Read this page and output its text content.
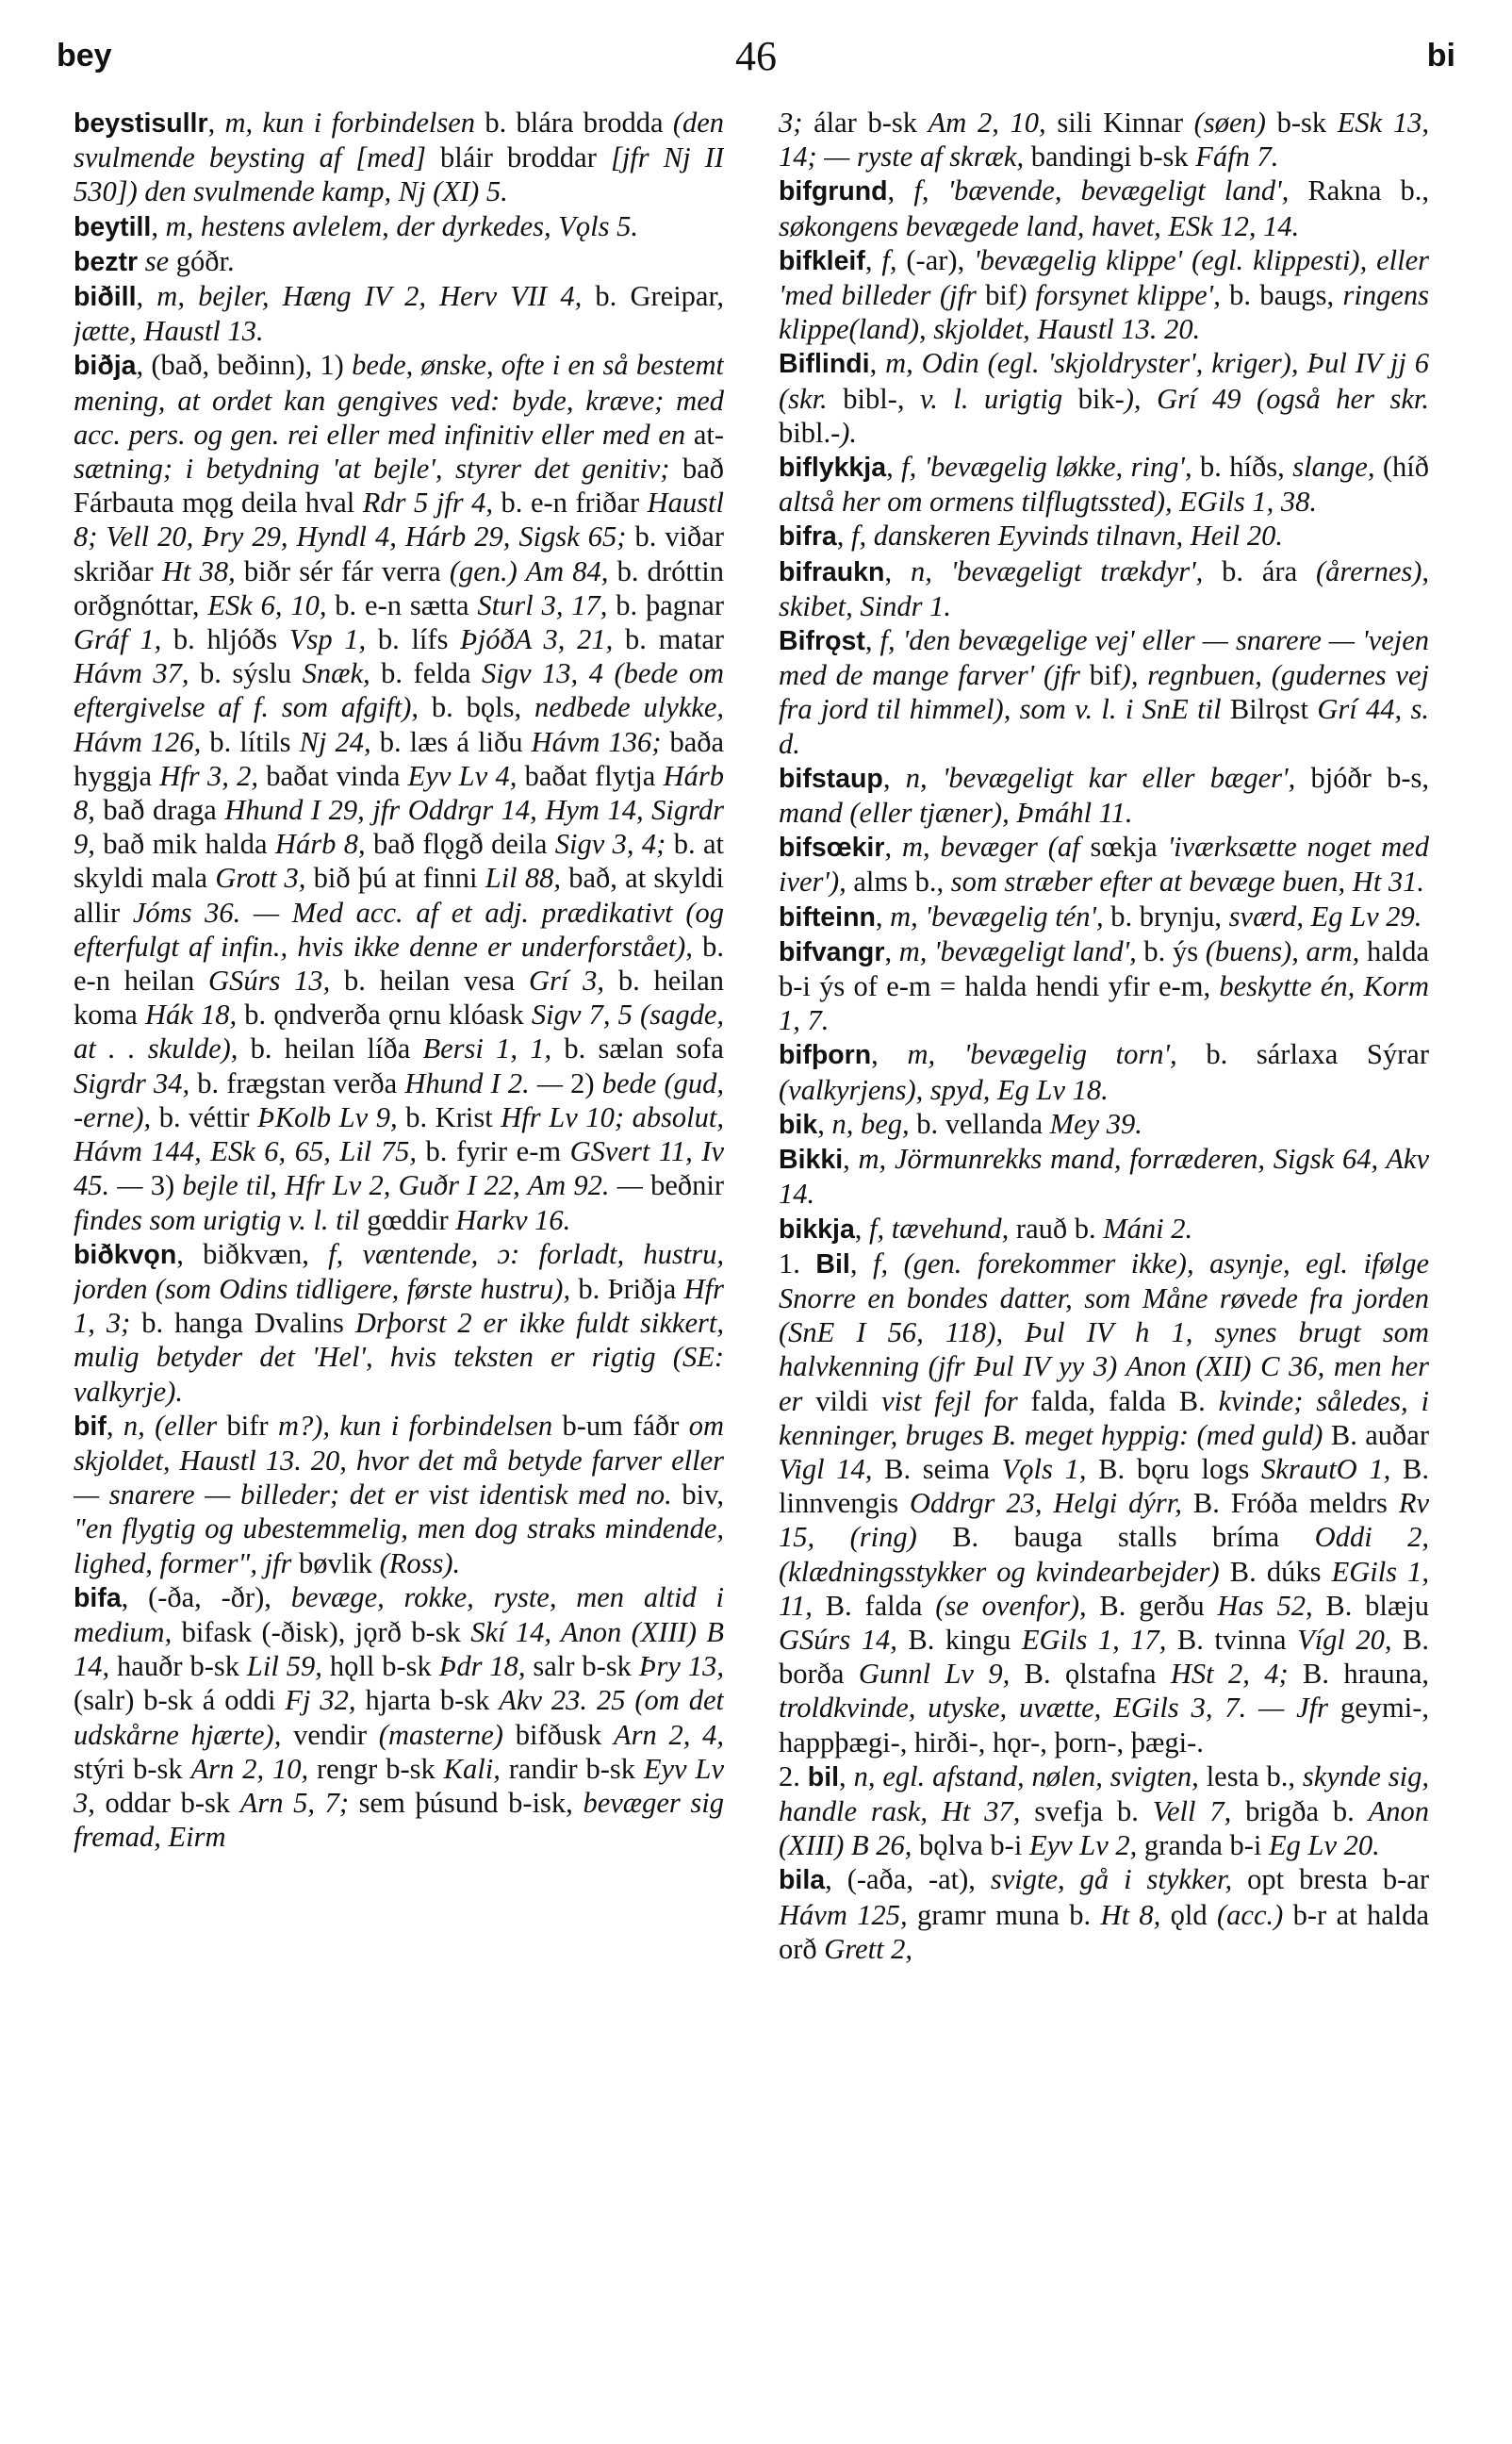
bey	46	bi

beystisullr, m, kun i forbindelsen b. blára brodda (den svulmende beysting af [med] bláir broddar [jfr Nj II 530]) den svulmende kamp, Nj (XI) 5.
beytill, m, hestens avlelem, der dyrkedes, Vǫls 5.
beztr se góðr.
biðill, m, bejler, Hæng IV 2, Herv VII 4, b. Greipar, jætte, Haustl 13.
biðja, (bað, beðinn), 1) bede, ønske, ofte i en så bestemt mening, at ordet kan gengives ved: byde, kræve; med acc. pers. og gen. rei eller med infinitiv eller med en at-sætning; i betydning 'at bejle', styrer det genitiv; bað Fárbauta mǫg deila hval Rdr 5 jfr 4, b. e-n friðar Haustl 8; Vell 20, Þry 29, Hyndl 4, Hárb 29, Sigsk 65; b. viðar skriðar Ht 38, biðr sér fár verra (gen.) Am 84, b. dróttin orðgnóttar, ESk 6, 10, b. e-n sætta Sturl 3, 17, b. þagnar Gráf 1, b. hljóðs Vsp 1, b. lífs ÞjóðA 3, 21, b. matar Hávm 37, b. sýslu Snæk, b. felda Sigv 13, 4 (bede om eftergivelse af f. som afgift), b. bǫls, nedbede ulykke, Hávm 126, b. lítils Nj 24, b. læs á liðu Hávm 136; baða hyggja Hfr 3, 2, baðat vinda Eyv Lv 4, baðat flytja Hárb 8, bað draga Hhund I 29, jfr Oddrgr 14, Hym 14, Sigrdr 9, bað mik halda Hárb 8, bað flǫgð deila Sigv 3, 4; b. at skyldi mala Grott 3, bið þú at finni Lil 88, bað, at skyldi allir Jóms 36. — Med acc. af et adj. prædikativt (og efterfulgt af infin., hvis ikke denne er underforstået), b. e-n heilan GSúrs 13, b. heilan vesa Grí 3, b. heilan koma Hák 18, b. ǫndverða ǫrnu klóask Sigv 7, 5 (sagde, at . . skulde), b. heilan líða Bersi 1, 1, b. sælan sofa Sigrdr 34, b. frægstan verða Hhund I 2. — 2) bede (gud, -erne), b. véttir ÞKolb Lv 9, b. Krist Hfr Lv 10; absolut, Hávm 144, ESk 6, 65, Lil 75, b. fyrir e-m GSvert 11, Iv 45. — 3) bejle til, Hfr Lv 2, Guðr I 22, Am 92. — beðnir findes som urigtig v. l. til gœddir Harkv 16.
biðkvǫn, biðkvæn, f, væntende, ɔ: forladt, hustru, jorden (som Odins tidligere, første hustru), b. Þriðja Hfr 1, 3; b. hanga Dvalins Drþorst 2 er ikke fuldt sikkert, mulig betyder det 'Hel', hvis teksten er rigtig (SE: valkyrje).
bif, n, (eller bifr m?), kun i forbindelsen b-um fáðr om skjoldet, Haustl 13. 20, hvor det må betyde farver eller — snarere — billeder; det er vist identisk med no. biv, "en flygtig og ubestemmelig, men dog straks mindende, lighed, former", jfr bøvlik (Ross).
bifa, (-ða, -ðr), bevæge, rokke, ryste, men altid i medium, bifask (-ðisk), jǫrð b-sk Skí 14, Anon (XIII) B 14, hauðr b-sk Lil 59, hǫll b-sk Þdr 18, salr b-sk Þry 13, (salr) b-sk á oddi Fj 32, hjarta b-sk Akv 23. 25 (om det udskårne hjærte), vendir (masterne) bifðusk Arn 2, 4, stýri b-sk Arn 2, 10, rengr b-sk Kali, randir b-sk Eyv Lv 3, oddar b-sk Arn 5, 7; sem þúsund b-isk, bevæger sig fremad, Eirm

3; álar b-sk Am 2, 10, sili Kinnar (søen) b-sk ESk 13, 14; — ryste af skræk, bandingi b-sk Fáfn 7.
bifgrund, f, 'bævende, bevægeligt land', Rakna b., søkongens bevægede land, havet, ESk 12, 14.
bifkleif, f, (-ar), 'bevægelig klippe' (egl. klippesti), eller 'med billeder (jfr bif) forsynet klippe', b. baugs, ringens klippe(land), skjoldet, Haustl 13. 20.
Biflindi, m, Odin (egl. 'skjoldryster', kriger), Þul IV jj 6 (skr. bibl-, v. l. urigtig bik-), Grí 49 (også her skr. bibl.-).
biflykkja, f, 'bevægelig løkke, ring', b. híðs, slange, (híð altså her om ormens tilflugtssted), EGils 1, 38.
bifra, f, danskeren Eyvinds tilnavn, Heil 20.
bifraukn, n, 'bevægeligt trækdyr', b. ára (årernes), skibet, Sindr 1.
Bifrǫst, f, 'den bevægelige vej' eller — snarere — 'vejen med de mange farver' (jfr bif), regnbuen, (gudernes vej fra jord til himmel), som v. l. i SnE til Bilrǫst Grí 44, s. d.
bifstaup, n, 'bevægeligt kar eller bæger', bjóðr b-s, mand (eller tjæner), Þmáhl 11.
bifsœkir, m, bevæger (af sœkja 'iværksætte noget med iver'), alms b., som stræber efter at bevæge buen, Ht 31.
bifteinn, m, 'bevægelig tén', b. brynju, sværd, Eg Lv 29.
bifvangr, m, 'bevægeligt land', b. ýs (buens), arm, halda b-i ýs of e-m = halda hendi yfir e-m, beskytte én, Korm 1, 7.
bifþorn, m, 'bevægelig torn', b. sárlaxa Sýrar (valkyrjens), spyd, Eg Lv 18.
bik, n, beg, b. vellanda Mey 39.
Bikki, m, Jörmunrekks mand, forræderen, Sigsk 64, Akv 14.
bikkja, f, tævehund, rauð b. Máni 2.
1. Bil, f, (gen. forekommer ikke), asynje, egl. ifølge Snorre en bondes datter, som Måne røvede fra jorden (SnE I 56, 118), Þul IV h 1, synes brugt som halvkenning (jfr Þul IV yy 3) Anon (XII) C 36, men her er vildi vist fejl for falda, falda B. kvinde; således, i kenninger, bruges B. meget hyppig: (med guld) B. auðar Vigl 14, B. seima Vǫls 1, B. bǫru logs SkrautO 1, B. linnvengis Oddrgr 23, Helgi dýrr, B. Fróða meldrs Rv 15, (ring) B. bauga stalls bríma Oddi 2, (klædningsstykker og kvindearbejder) B. dúks EGils 1, 11, B. falda (se ovenfor), B. gerðu Has 52, B. blæju GSúrs 14, B. kingu EGils 1, 17, B. tvinna Vígl 20, B. borða Gunnl Lv 9, B. ǫlstafna HSt 2, 4; B. hrauna, troldkvinde, utyske, uvætte, EGils 3, 7. — Jfr geymi-, happþægi-, hirði-, hǫr-, þorn-, þægi-.
2. bil, n, egl. afstand, nølen, svigten, lesta b., skynde sig, handle rask, Ht 37, svefja b. Vell 7, brigða b. Anon (XIII) B 26, bǫlva b-i Eyv Lv 2, granda b-i Eg Lv 20.
bila, (-aða, -at), svigte, gå i stykker, opt bresta b-ar Hávm 125, gramr muna b. Ht 8, ǫld (acc.) b-r at halda orð Grett 2,
